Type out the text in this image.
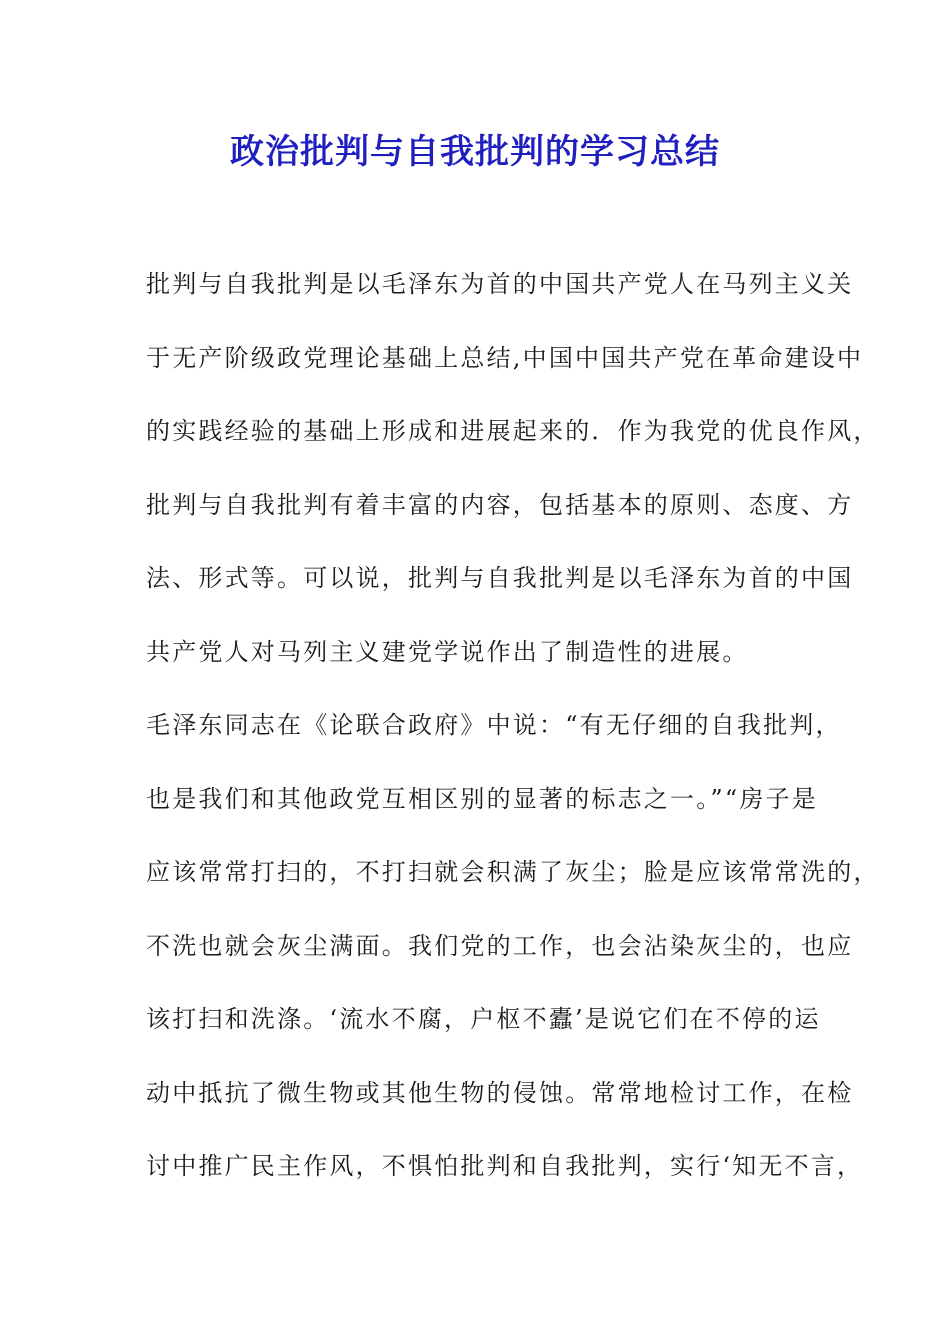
政治批判与自我批判的学习总结
批判与自我批判是以毛泽东为首的中国共产党人在马列主义关
于无产阶级政党理论基础上总结,中国中国共产党在革命建设中
的实践经验的基础上形成和进展起来的．作为我党的优良作风，
批判与自我批判有着丰富的内容，包括基本的原则、态度、方
法、形式等。可以说，批判与自我批判是以毛泽东为首的中国
共产党人对马列主义建党学说作出了制造性的进展。
毛泽东同志在《论联合政府》中说：“有无仔细的自我批判，
也是我们和其他政党互相区别的显著的标志之一。”“房子是
应该常常打扫的，不打扫就会积满了灰尘；脸是应该常常洗的，
不洗也就会灰尘满面。我们党的工作，也会沾染灰尘的，也应
该打扫和洗涤。‘流水不腐，户枢不蠹’是说它们在不停的运
动中抵抗了微生物或其他生物的侵蚀。常常地检讨工作，在检
讨中推广民主作风，不惧怕批判和自我批判，实行‘知无不言，
